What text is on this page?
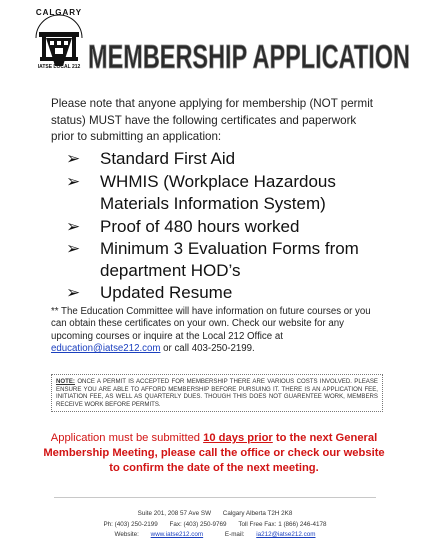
CALGARY
IATSE LOCAL 212 MEMBERSHIP APPLICATION
Please note that anyone applying for membership (NOT permit status) MUST have the following certificates and paperwork prior to submitting an application:
➢	Standard First Aid
➢	WHMIS (Workplace Hazardous Materials Information System)
➢	Proof of 480 hours worked
➢	Minimum 3 Evaluation Forms from department HOD’s
➢	Updated Resume
** The Education Committee will have information on future courses or you can obtain these certificates on your own. Check our website for any upcoming courses or inquire at the Local 212 Office at education@iatse212.com or call 403-250-2199.
NOTE: ONCE A PERMIT IS ACCEPTED FOR MEMBERSHIP THERE ARE VARIOUS COSTS INVOLVED. PLEASE ENSURE YOU ARE ABLE TO AFFORD MEMBERSHIP BEFORE PURSUING IT. THERE IS AN APPLICATION FEE, INITIATION FEE, AS WELL AS QUARTERLY DUES. THOUGH THIS DOES NOT GUARENTEE WORK, MEMBERS RECEIVE WORK BEFORE PERMITS.
Application must be submitted 10 days prior to the next General Membership Meeting, please call the office or check our website to confirm the date of the next meeting.
Suite 201, 208 57 Ave SW Calgary Alberta T2H 2K8
Ph: (403) 250-2199 Fax: (403) 250-9769 Toll Free Fax: 1 (866) 246-4178
Website: www.iatse212.com	E-mail: ia212@iatse212.com
